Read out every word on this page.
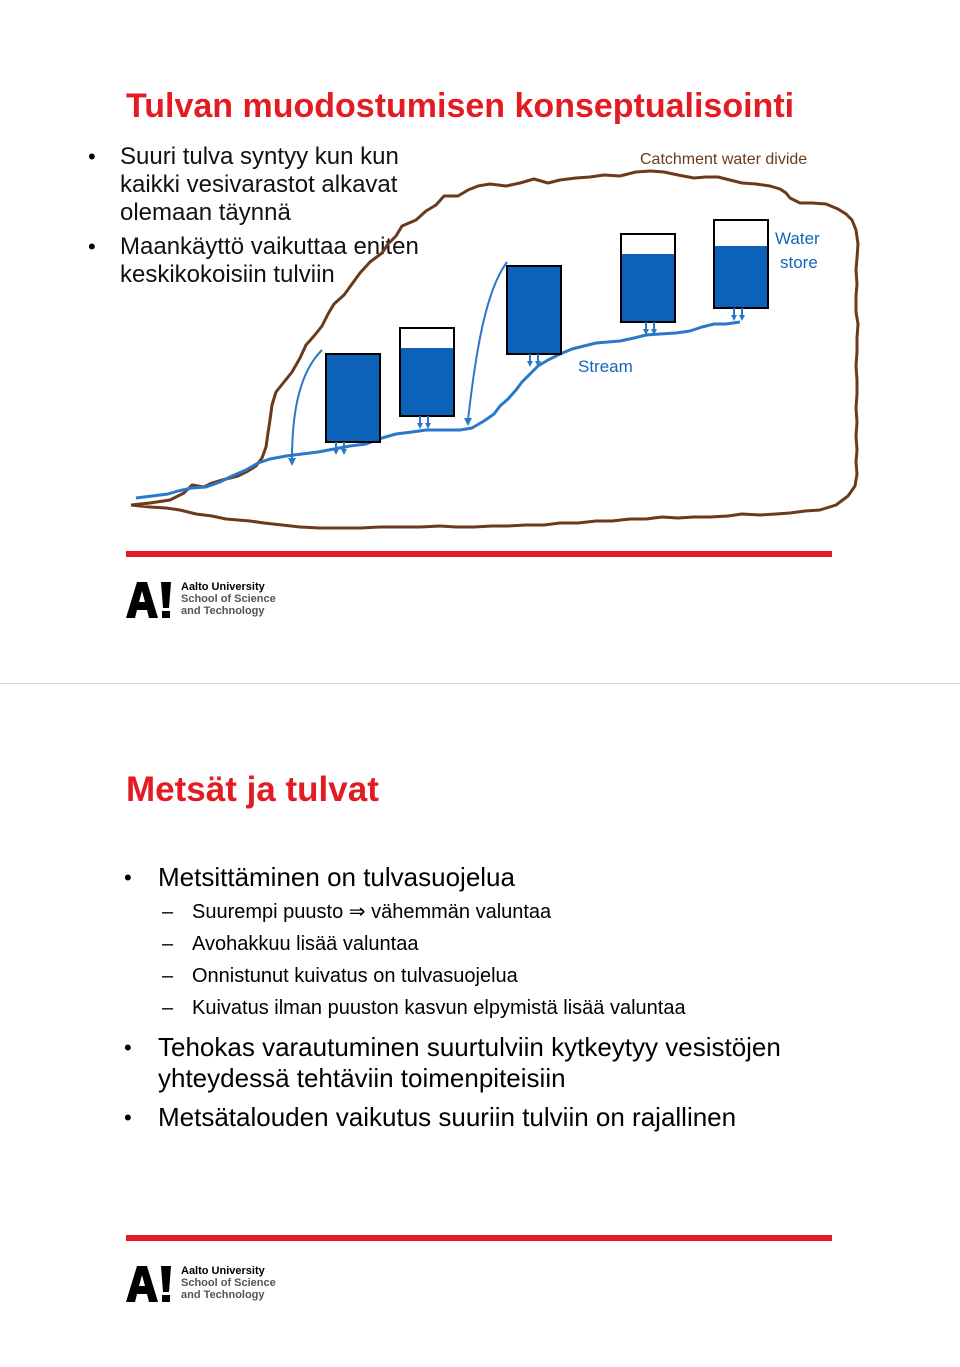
Tulvan muodostumisen konseptualisointi
• Suuri tulva syntyy kun kun kaikki vesivarastot alkavat olemaan täynnä
• Maankäyttö vaikuttaa eniten keskikokoisiin tulviin
Catchment water divide
Water
store
Stream
Aalto University
School of Science
and Technology
Metsät ja tulvat
• Metsittäminen on tulvasuojelua
– Suurempi puusto ⇒ vähemmän valuntaa
– Avohakkuu lisää valuntaa
– Onnistunut kuivatus on tulvasuojelua
– Kuivatus ilman puuston kasvun elpymistä lisää valuntaa
• Tehokas varautuminen suurtulviin kytkeytyy vesistöjen yhteydessä tehtäviin toimenpiteisiin
• Metsätalouden vaikutus suuriin tulviin on rajallinen
Aalto University
School of Science
and Technology
